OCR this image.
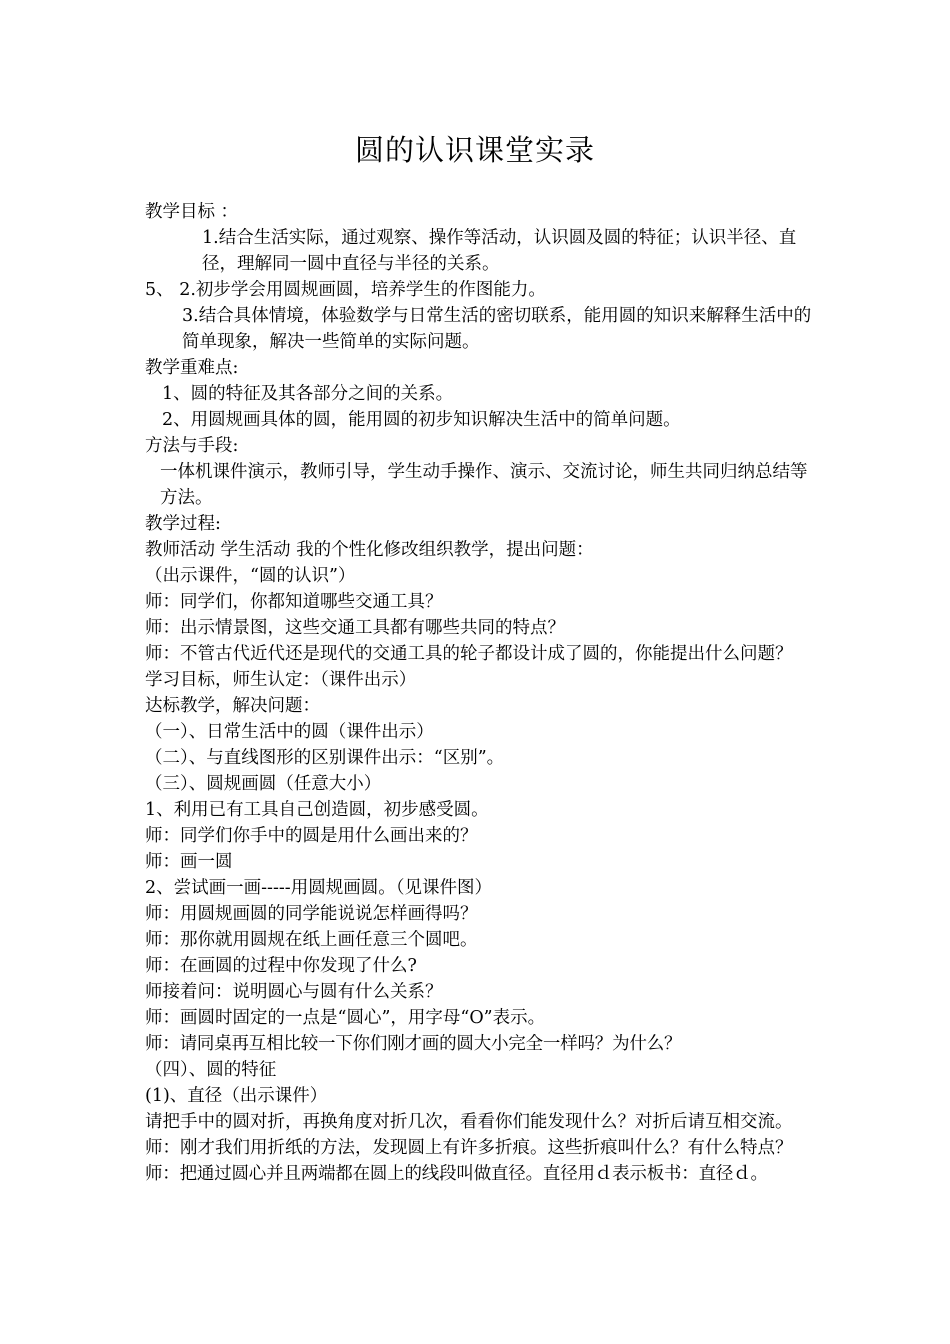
圆的认识课堂实录
教学目标 ：
1.结合生活实际，通过观察、操作等活动，认识圆及圆的特征；认识半径、直径，理解同一圆中直径与半径的关系。
5、 2.初步学会用圆规画圆，培养学生的作图能力。
3.结合具体情境，体验数学与日常生活的密切联系，能用圆的知识来解释生活中的简单现象，解决一些简单的实际问题。
教学重难点:
1、圆的特征及其各部分之间的关系。
2、用圆规画具体的圆，能用圆的初步知识解决生活中的简单问题。
方法与手段:
一体机课件演示，教师引导，学生动手操作、演示、交流讨论，师生共同归纳总结等方法。
教学过程:
教师活动 学生活动 我的个性化修改组织教学，提出问题：
（出示课件，“圆的认识”）
师：同学们，你都知道哪些交通工具？
师：出示情景图，这些交通工具都有哪些共同的特点？
师：不管古代近代还是现代的交通工具的轮子都设计成了圆的，你能提出什么问题？
学习目标，师生认定：（课件出示）
达标教学，解决问题：
（一）、日常生活中的圆（课件出示）
（二）、与直线图形的区别课件出示：“区别”。
（三）、圆规画圆（任意大小）
1、利用已有工具自己创造圆，初步感受圆。
师：同学们你手中的圆是用什么画出来的？
师：画一圆
2、尝试画一画-----用圆规画圆。（见课件图）
师：用圆规画圆的同学能说说怎样画得吗？
师：那你就用圆规在纸上画任意三个圆吧。
师：在画圆的过程中你发现了什么?
师接着问：说明圆心与圆有什么关系？
师：画圆时固定的一点是“圆心”，用字母“O”表示。
师：请同桌再互相比较一下你们刚才画的圆大小完全一样吗？为什么？
（四）、圆的特征
(1)、直径（出示课件）
请把手中的圆对折，再换角度对折几次，看看你们能发现什么？对折后请互相交流。
师：刚才我们用折纸的方法，发现圆上有许多折痕。这些折痕叫什么？有什么特点？
师：把通过圆心并且两端都在圆上的线段叫做直径。直径用ｄ表示板书：直径ｄ。
